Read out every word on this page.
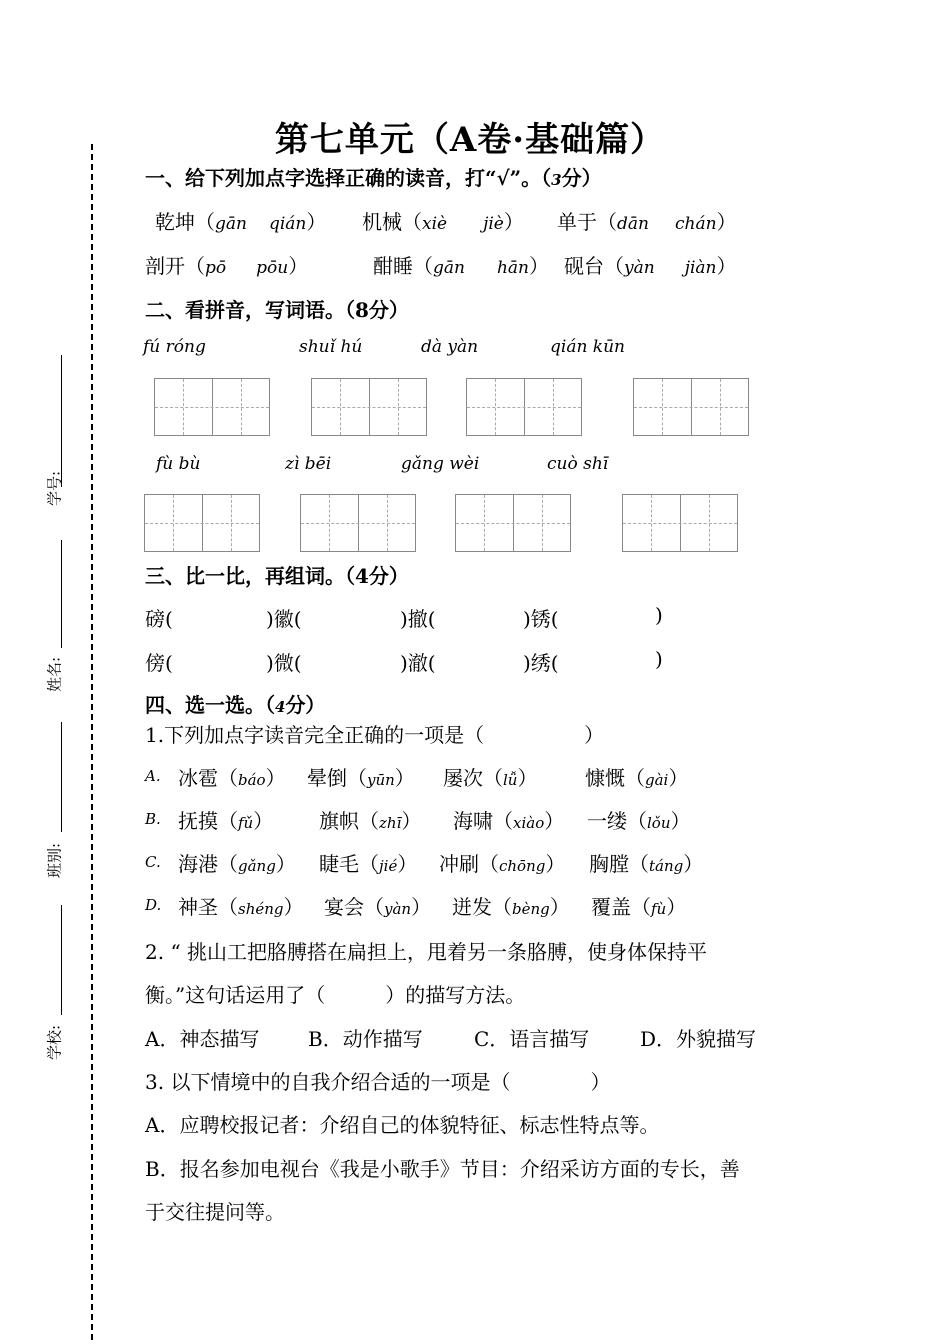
学号:
姓名:
班别:
学校:
第七单元（A卷·基础篇）
一、给下列加点字选择正确的读音，打“√”。（3分）
乾坤（gān qián） 机械（xiè jiè） 单于（dān chán）
剖开（pō pōu）	酣睡（gān hān） 砚台（yàn jiàn）
二、看拼音，写词语。（8分）
fú róng	shuǐ hú	dà yàn	qián kūn
fù bù	zì bēi	gǎng wèi	cuò shī
三、比一比，再组词。（4分）
磅(	)徽(	)撤(	)锈(	)
傍(	)微(	)澈(	)绣(	)
四、选一选。（4分）
1.下列加点字读音完全正确的一项是（　　　　　）
A. 冰雹（báo） 晕倒（yūn） 屡次（lǚ） 慷慨（gài）
B. 抚摸（fǔ） 旗帜（zhī） 海啸（xiào） 一缕（lǒu）
C. 海港（gǎng） 睫毛（jié） 冲刷（chōng） 胸膛（táng）
D. 神圣（shéng） 宴会（yàn） 迸发（bèng） 覆盖（fù）
2. “ 挑山工把胳膊搭在扁担上，甩着另一条胳膊，使身体保持平
衡。”这句话运用了（　　　）的描写方法。
A．神态描写 B．动作描写	C．语言描写	D．外貌描写
3. 以下情境中的自我介绍合适的一项是（　　　　）
A．应聘校报记者：介绍自己的体貌特征、标志性特点等。
B．报名参加电视台《我是小歌手》节目：介绍采访方面的专长，善
于交往提问等。
